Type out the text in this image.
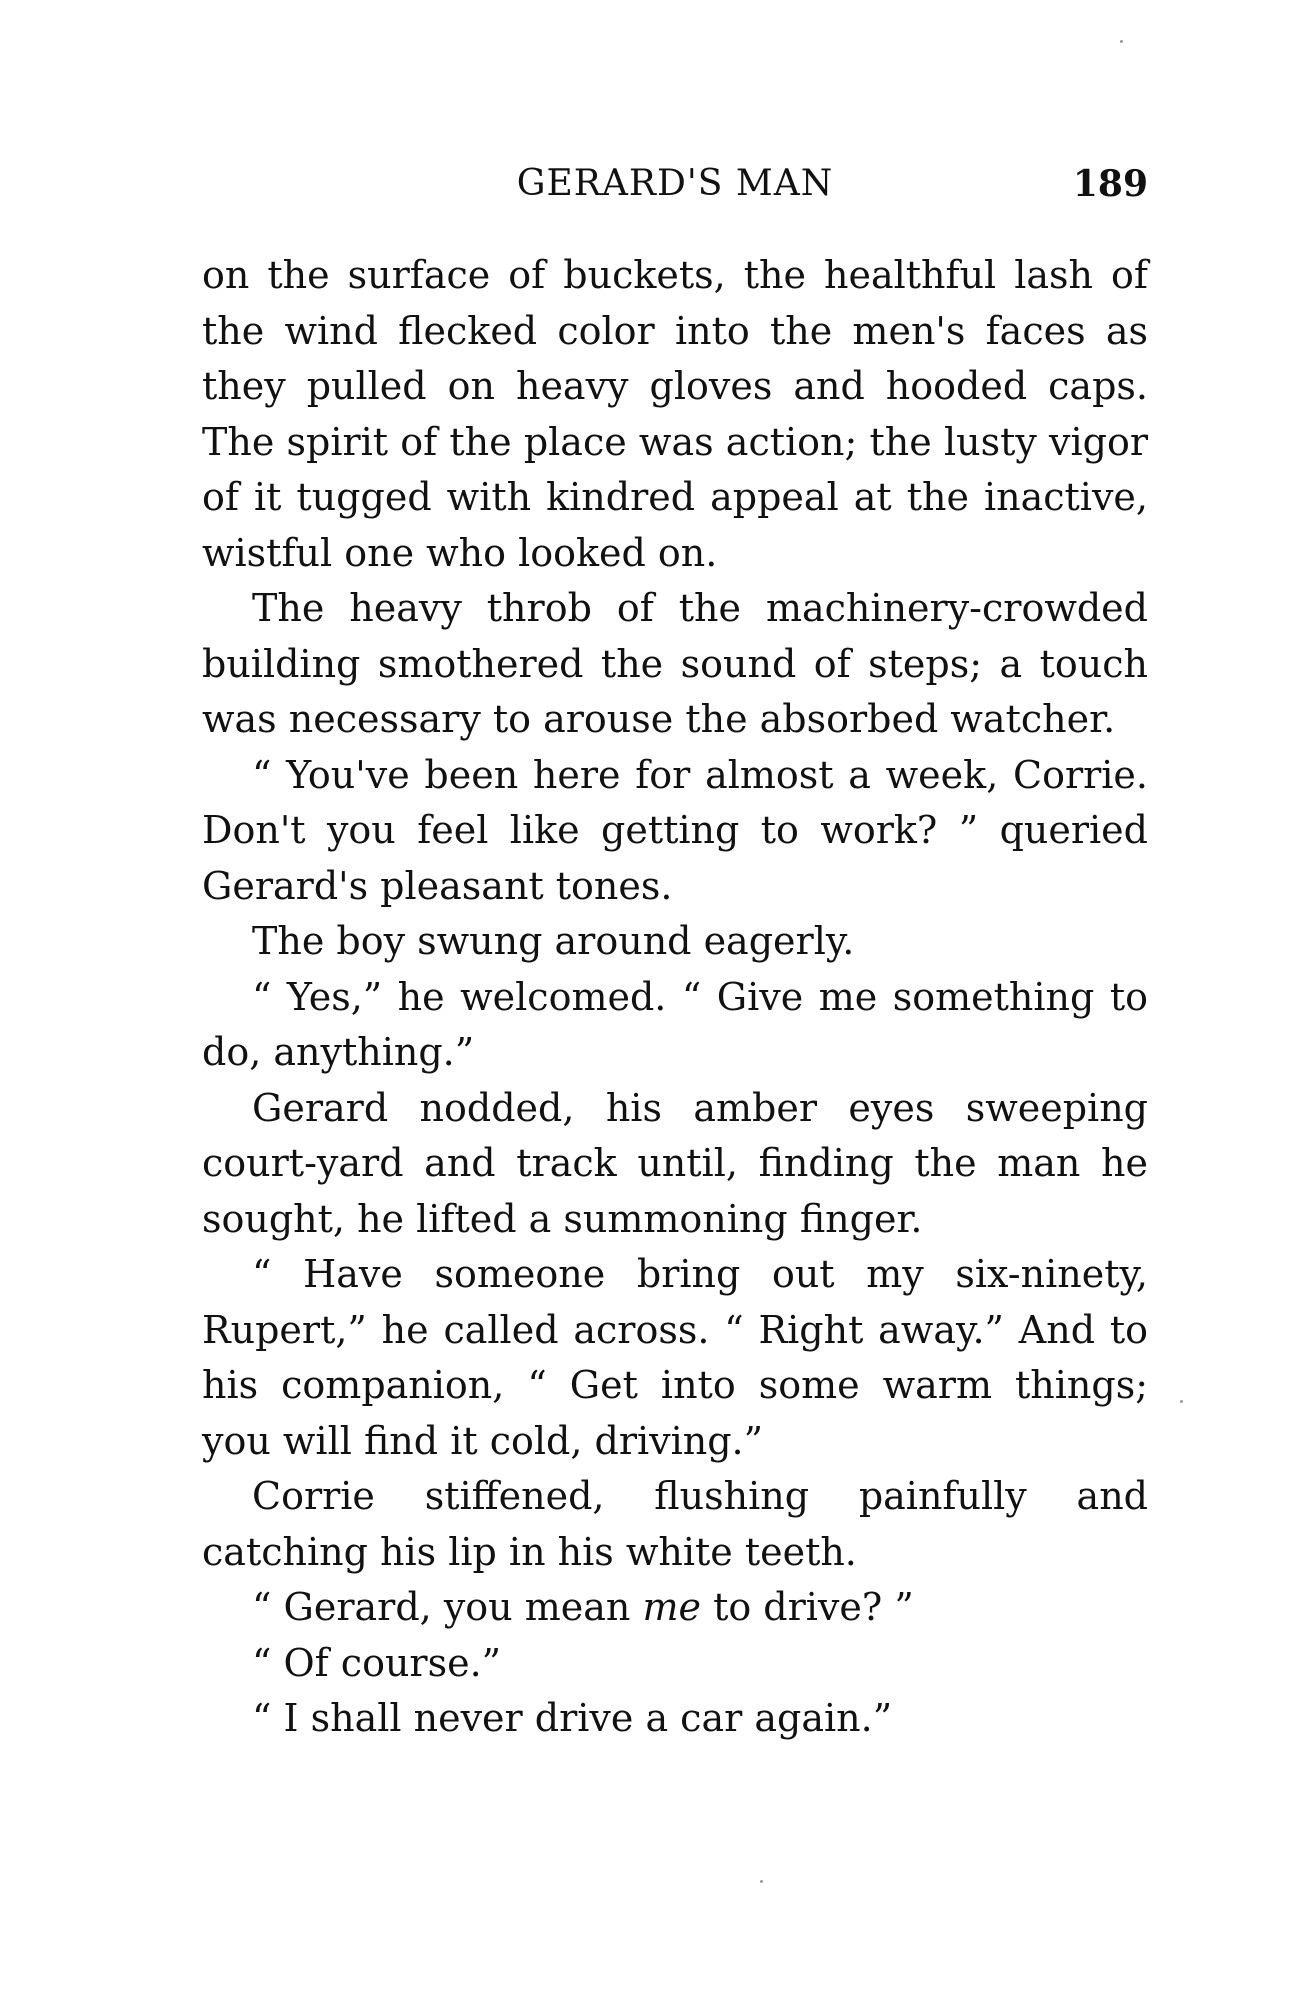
GERARD'S MAN	189

on the surface of buckets, the healthful lash of the wind flecked color into the men's faces as they pulled on heavy gloves and hooded caps. The spirit of the place was action; the lusty vigor of it tugged with kindred appeal at the inactive, wistful one who looked on.

The heavy throb of the machinery-crowded building smothered the sound of steps; a touch was necessary to arouse the absorbed watcher.

“ You've been here for almost a week, Corrie. Don't you feel like getting to work? ” queried Gerard's pleasant tones.

The boy swung around eagerly.

“ Yes,” he welcomed. “ Give me something to do, anything.”

Gerard nodded, his amber eyes sweeping court-yard and track until, finding the man he sought, he lifted a summoning finger.

“ Have someone bring out my six-ninety, Rupert,” he called across. “ Right away.” And to his companion, “ Get into some warm things; you will find it cold, driving.”

Corrie stiffened, flushing painfully and catching his lip in his white teeth.

“ Gerard, you mean me to drive? ”

“ Of course.”

“ I shall never drive a car again.”
